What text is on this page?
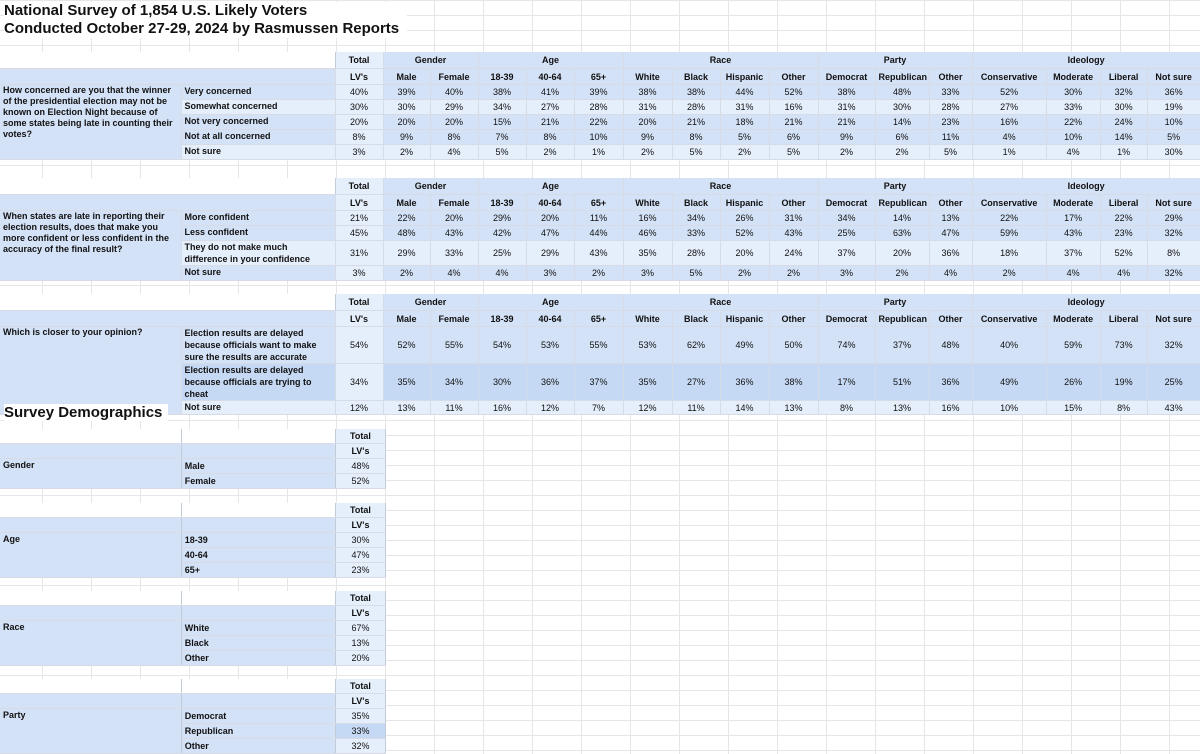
National Survey of 1,854 U.S. Likely Voters
Conducted October 27-29, 2024 by Rasmussen Reports
		Total	Gender		Age			Race				Party			Ideology			
		LV's	Male	Female	18-39	40-64	65+	White	Black	Hispanic	Other	Democrat	Republican	Other	Conservative	Moderate	Liberal	Not sure
How concerned are you that the winner of the presidential election may not be known on Election Night because of some states being late in counting their votes?	Very concerned	40%	39%	40%	38%	41%	39%	38%	38%	44%	52%	38%	48%	33%	52%	30%	32%	36%
	Somewhat concerned	30%	30%	29%	34%	27%	28%	31%	28%	31%	16%	31%	30%	28%	27%	33%	30%	19%
	Not very concerned	20%	20%	20%	15%	21%	22%	20%	21%	18%	21%	21%	14%	23%	16%	22%	24%	10%
	Not at all concerned	8%	9%	8%	7%	8%	10%	9%	8%	5%	6%	9%	6%	11%	4%	10%	14%	5%
	Not sure	3%	2%	4%	5%	2%	1%	2%	5%	2%	5%	2%	2%	5%	1%	4%	1%	30%
		Total	Gender		Age			Race				Party			Ideology			
		LV's	Male	Female	18-39	40-64	65+	White	Black	Hispanic	Other	Democrat	Republican	Other	Conservative	Moderate	Liberal	Not sure
When states are late in reporting their election results, does that make you more confident or less confident in the accuracy of the final result?	More confident	21%	22%	20%	29%	20%	11%	16%	34%	26%	31%	34%	14%	13%	22%	17%	22%	29%
	Less confident	45%	48%	43%	42%	47%	44%	46%	33%	52%	43%	25%	63%	47%	59%	43%	23%	32%
	They do not make much difference in your confidence	31%	29%	33%	25%	29%	43%	35%	28%	20%	24%	37%	20%	36%	18%	37%	52%	8%
	Not sure	3%	2%	4%	4%	3%	2%	3%	5%	2%	2%	3%	2%	4%	2%	4%	4%	32%
		Total	Gender		Age			Race				Party			Ideology			
		LV's	Male	Female	18-39	40-64	65+	White	Black	Hispanic	Other	Democrat	Republican	Other	Conservative	Moderate	Liberal	Not sure
Which is closer to your opinion?	Election results are delayed because officials want to make sure the results are accurate	54%	52%	55%	54%	53%	55%	53%	62%	49%	50%	74%	37%	48%	40%	59%	73%	32%
	Election results are delayed because officials are trying to cheat	34%	35%	34%	30%	36%	37%	35%	27%	36%	38%	17%	51%	36%	49%	26%	19%	25%
	Not sure	12%	13%	11%	16%	12%	7%	12%	11%	14%	13%	8%	13%	16%	10%	15%	8%	43%
Survey Demographics
		Total
		LV's
Gender	Male	48%
	Female	52%
		Total
		LV's
Age	18-39	30%
	40-64	47%
	65+	23%
		Total
		LV's
Race	White	67%
	Black	13%
	Other	20%
		Total
		LV's
Party	Democrat	35%
	Republican	33%
	Other	32%
